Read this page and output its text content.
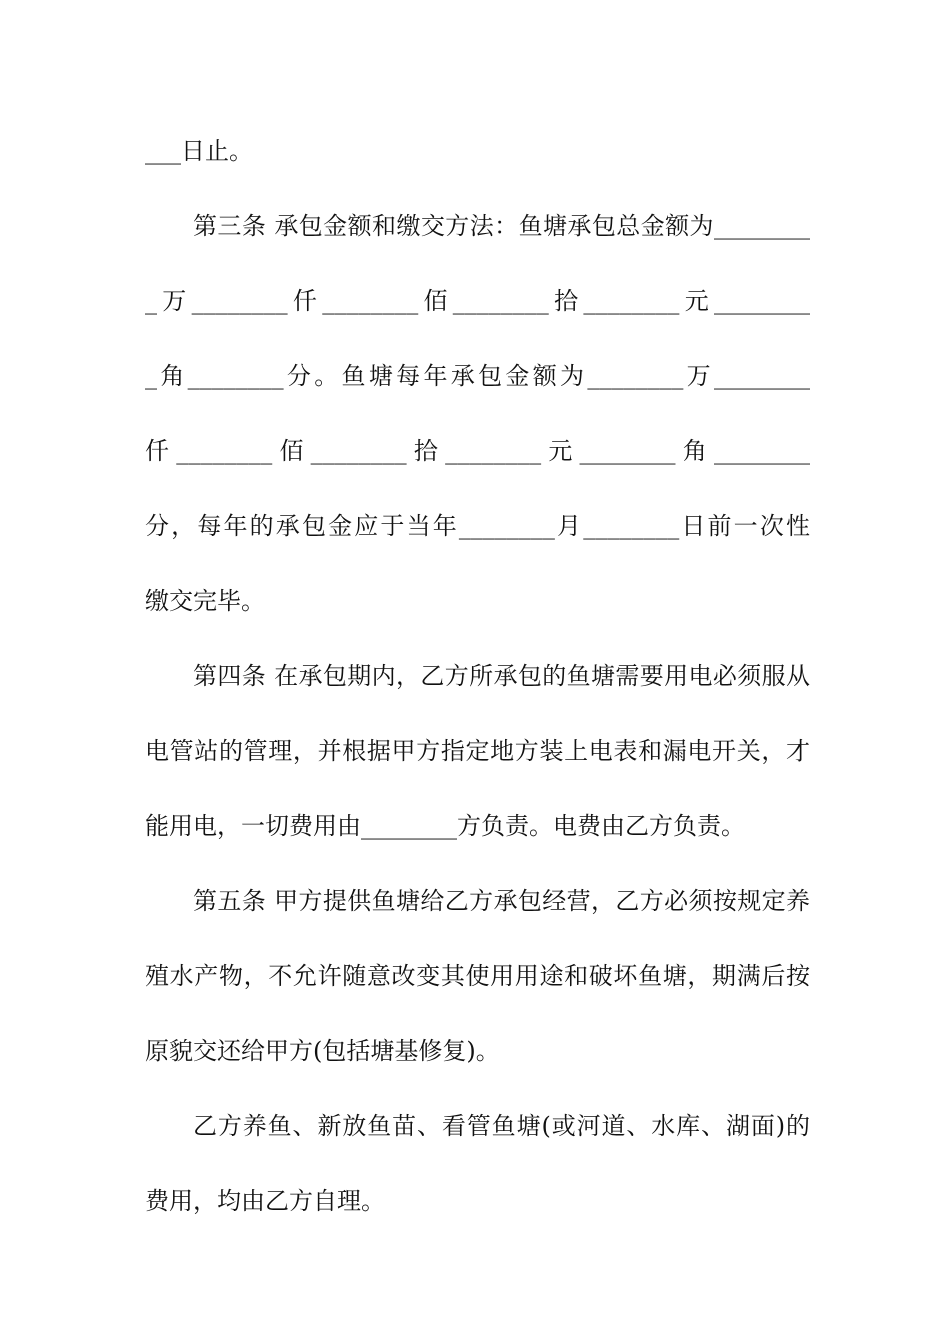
___日止。
第三条 承包金额和缴交方法：鱼塘承包总金额为________
_万________仟________佰________拾________元________
_角________分。鱼塘每年承包金额为________万________
仟________佰________拾________元________角________
分，每年的承包金应于当年________月________日前一次性
缴交完毕。
第四条 在承包期内，乙方所承包的鱼塘需要用电必须服从
电管站的管理，并根据甲方指定地方装上电表和漏电开关，才
能用电，一切费用由________方负责。电费由乙方负责。
第五条 甲方提供鱼塘给乙方承包经营，乙方必须按规定养
殖水产物，不允许随意改变其使用用途和破坏鱼塘，期满后按
原貌交还给甲方(包括塘基修复)。
乙方养鱼、新放鱼苗、看管鱼塘(或河道、水库、湖面)的
费用，均由乙方自理。
